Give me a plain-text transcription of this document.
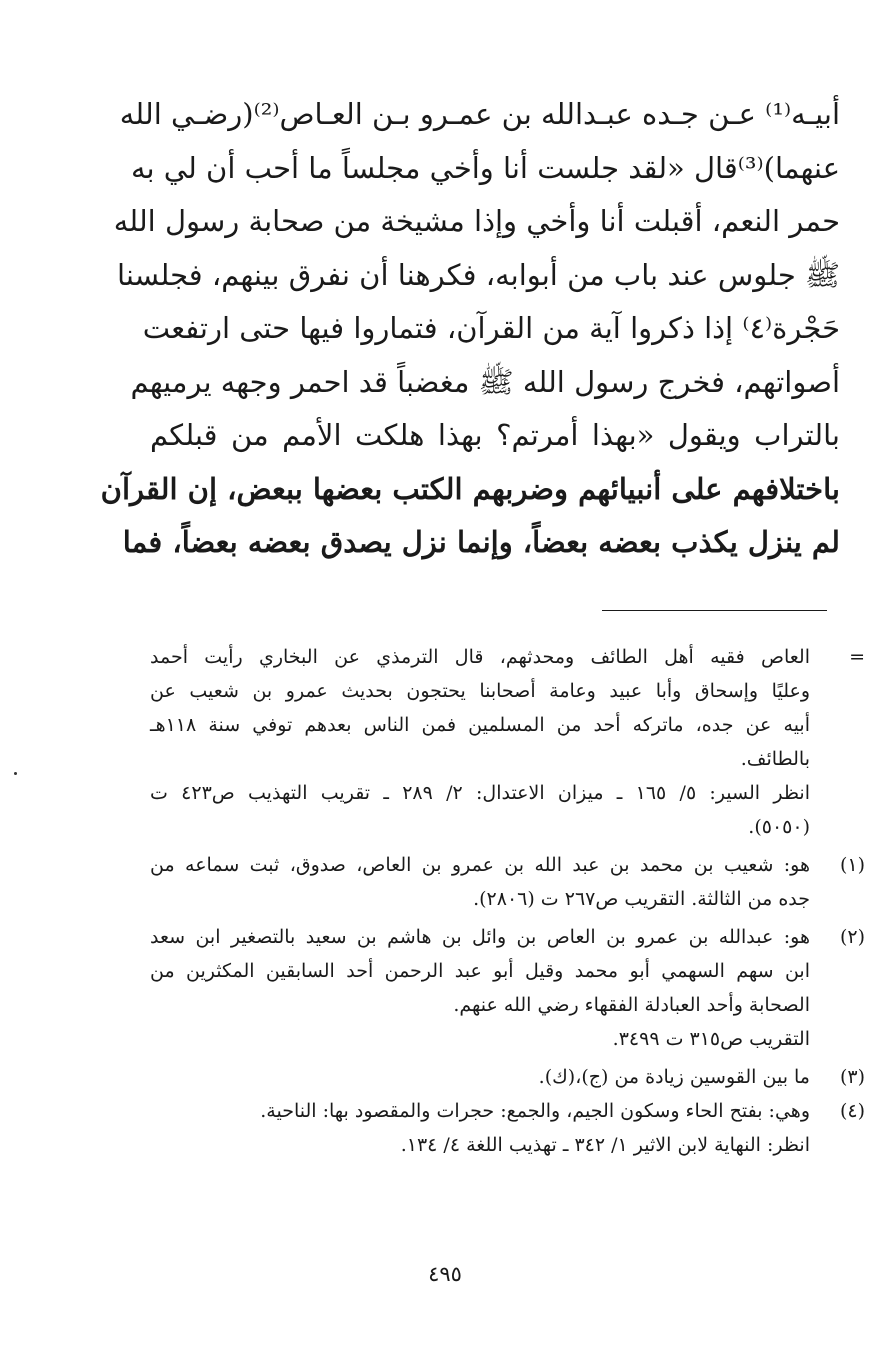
أبيـه⁽¹⁾ عـن جـده عبـدالله بن عمـرو بـن العـاص⁽²⁾(رضـي الله
عنهما)⁽³⁾قال «لقد جلست أنا وأخي مجلساً ما أحب أن لي به
حمر النعم، أقبلت أنا وأخي وإذا مشيخة من صحابة رسول الله
ﷺ جلوس عند باب من أبوابه، فكرهنا أن نفرق بينهم، فجلسنا
حَجْرة⁽٤⁾ إذا ذكروا آية من القرآن، فتماروا فيها حتى ارتفعت
أصواتهم، فخرج رسول الله ﷺ مغضباً قد احمر وجهه يرميهم
بالتراب ويقول «بهذا أمرتم؟ بهذا هلكت الأمم من قبلكم
باختلافهم على أنبيائهم وضربهم الكتب بعضها ببعض، إن القرآن
لم ينزل يكذب بعضه بعضاً، وإنما نزل يصدق بعضه بعضاً، فما
=
العاص فقيه أهل الطائف ومحدثهم، قال الترمذي عن البخاري رأيت أحمد
وعليًا وإسحاق وأبا عبيد وعامة أصحابنا يحتجون بحديث عمرو بن شعيب عن
أبيه عن جده، ماتركه أحد من المسلمين فمن الناس بعدهم توفي سنة ١١٨هـ
بالطائف.
انظر السير: ٥/ ١٦٥ ـ ميزان الاعتدال: ٢/ ٢٨٩ ـ تقريب التهذيب ص٤٢٣ ت
(٥٠٥٠).
(١)
هو: شعيب بن محمد بن عبد الله بن عمرو بن العاص، صدوق، ثبت سماعه من
جده من الثالثة. التقريب ص٢٦٧ ت (٢٨٠٦).
(٢)
هو: عبدالله بن عمرو بن العاص بن وائل بن هاشم بن سعيد بالتصغير ابن سعد
ابن سهم السهمي أبو محمد وقيل أبو عبد الرحمن أحد السابقين المكثرين من
الصحابة وأحد العبادلة الفقهاء رضي الله عنهم.
التقريب ص٣١٥ ت ٣٤٩٩.
(٣)
ما بين القوسين زيادة من (ج)،(ك).
(٤)
وهي: بفتح الحاء وسكون الجيم، والجمع: حجرات والمقصود بها: الناحية.
انظر: النهاية لابن الاثير ١/ ٣٤٢ ـ تهذيب اللغة ٤/ ١٣٤.
٤٩٥
